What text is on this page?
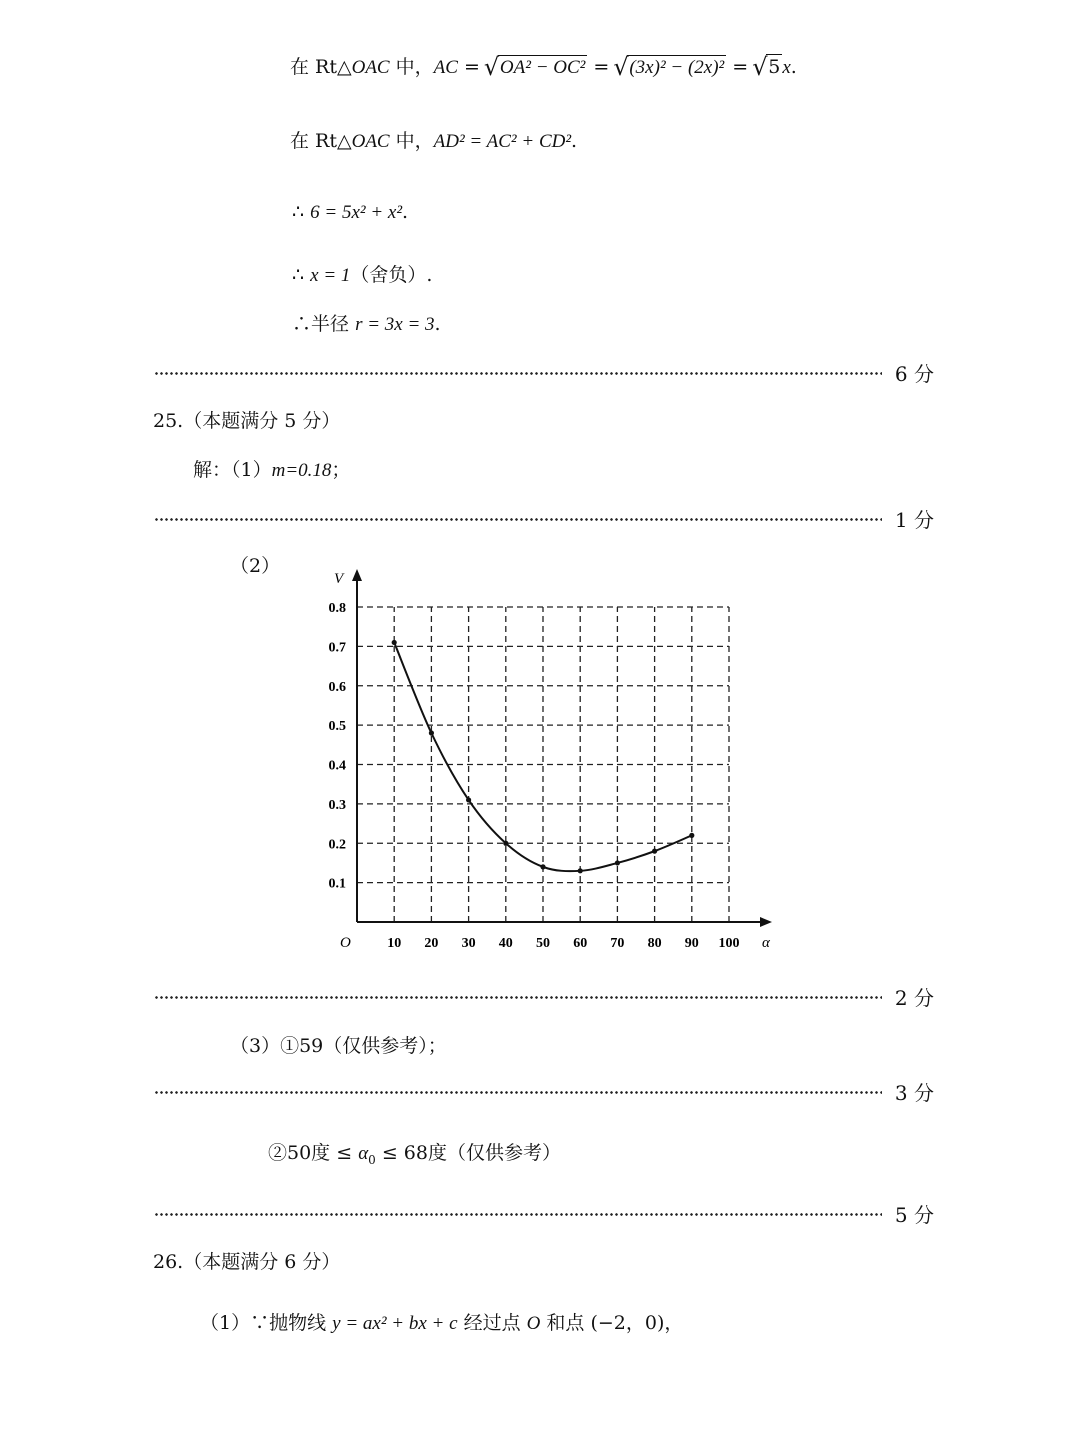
在 Rt△OAC 中，AC = √ OA² − OC² = √ (3x)² − (2x)² = √ 5 x.
在 Rt△OAC 中，AD² = AC² + CD².
∴ 6 = 5x² + x².
∴ x = 1（舍负）.
∴半径 r = 3x = 3.
6 分
25.（本题满分 5 分）
解：（1）m=0.18；
1 分
（2）
10 20 30 40 50 60 70 80 90 100
0.1
0.2
0.3
0.4
0.5
0.6
0.7
0.8
V
α
O
2 分
（3）①59（仅供参考）；
3 分
②50度 ≤ $\alpha_0 \le 68$度（仅供参考）
5 分
26.（本题满分 6 分）
（1）∵抛物线 y = ax² + bx + c 经过点 O 和点 (−2，0)，
